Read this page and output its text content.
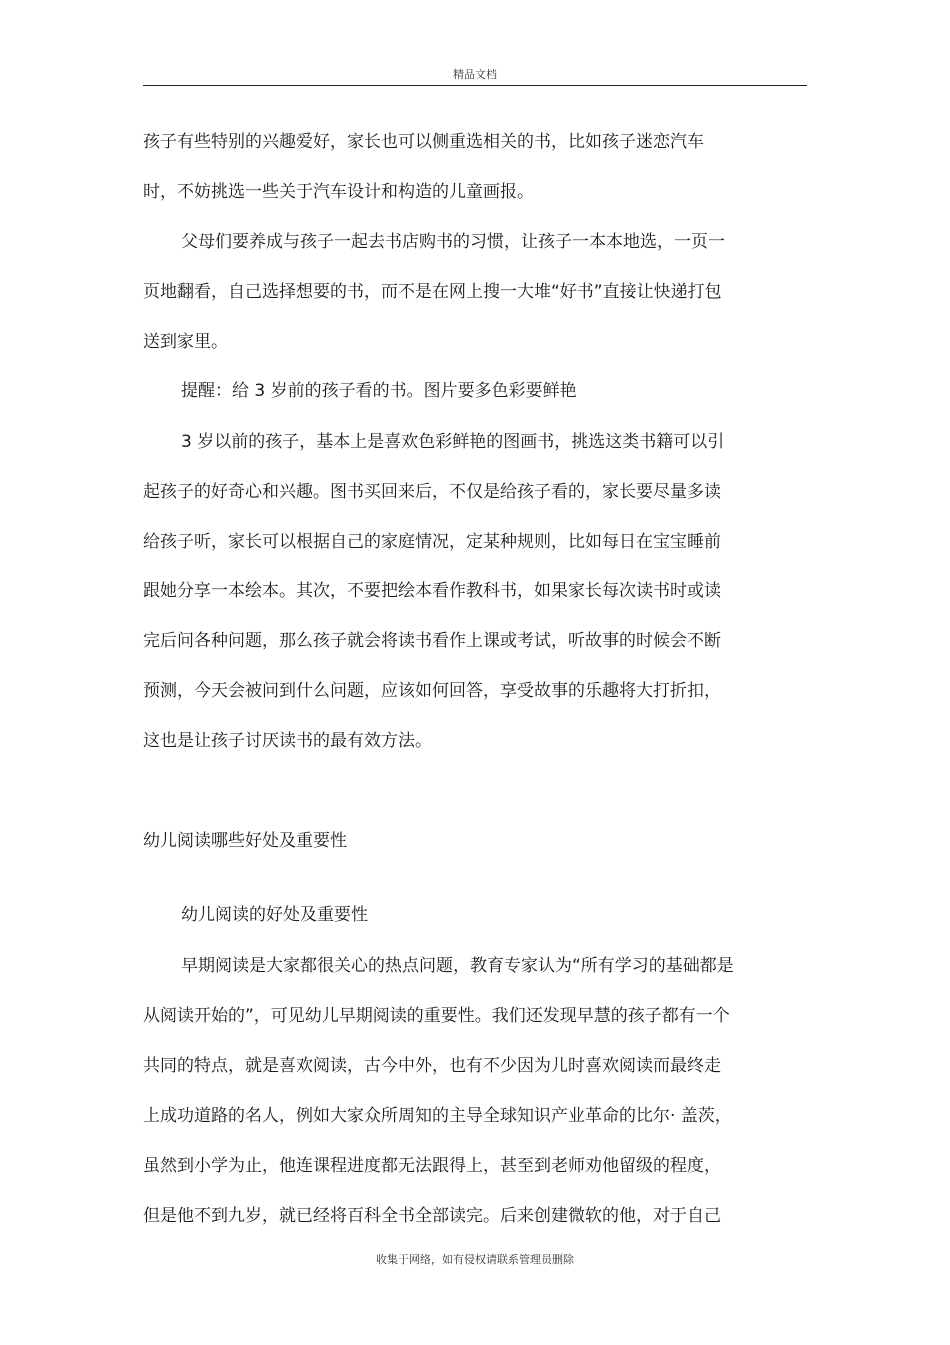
精品文档
孩子有些特别的兴趣爱好，家长也可以侧重选相关的书，比如孩子迷恋汽车
时，不妨挑选一些关于汽车设计和构造的儿童画报。
父母们要养成与孩子一起去书店购书的习惯，让孩子一本本地选，一页一
页地翻看，自己选择想要的书，而不是在网上搜一大堆“好书”直接让快递打包
送到家里。
提醒：给 3 岁前的孩子看的书。图片要多色彩要鲜艳
3 岁以前的孩子，基本上是喜欢色彩鲜艳的图画书，挑选这类书籍可以引
起孩子的好奇心和兴趣。图书买回来后，不仅是给孩子看的，家长要尽量多读
给孩子听，家长可以根据自己的家庭情况，定某种规则，比如每日在宝宝睡前
跟她分享一本绘本。其次，不要把绘本看作教科书，如果家长每次读书时或读
完后问各种问题，那么孩子就会将读书看作上课或考试，听故事的时候会不断
预测，今天会被问到什么问题，应该如何回答，享受故事的乐趣将大打折扣，
这也是让孩子讨厌读书的最有效方法。
幼儿阅读哪些好处及重要性
幼儿阅读的好处及重要性
早期阅读是大家都很关心的热点问题，教育专家认为“所有学习的基础都是
从阅读开始的”，可见幼儿早期阅读的重要性。我们还发现早慧的孩子都有一个
共同的特点，就是喜欢阅读，古今中外，也有不少因为儿时喜欢阅读而最终走
上成功道路的名人，例如大家众所周知的主导全球知识产业革命的比尔· 盖茨，
虽然到小学为止，他连课程进度都无法跟得上，甚至到老师劝他留级的程度，
但是他不到九岁，就已经将百科全书全部读完。后来创建微软的他，对于自己
收集于网络，如有侵权请联系管理员删除
